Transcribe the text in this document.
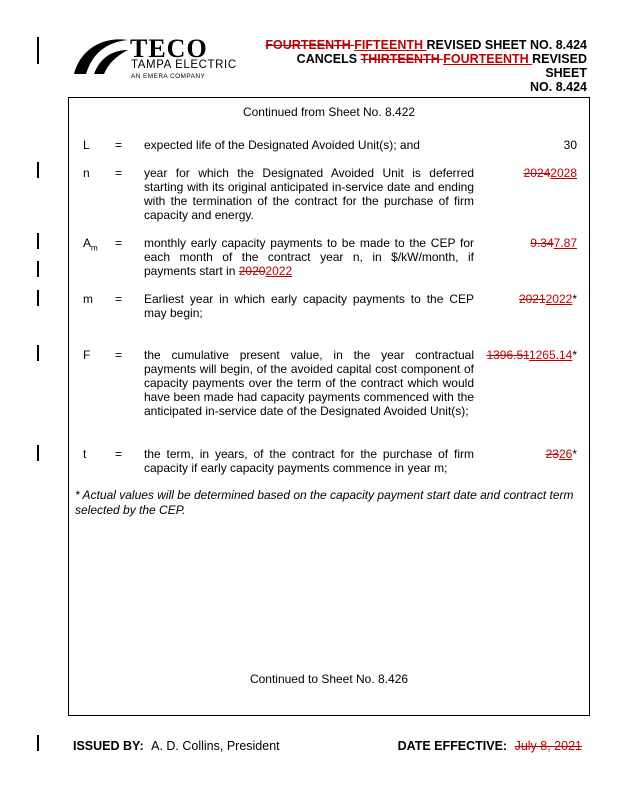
TECO
TAMPA ELECTRIC
AN EMERA COMPANY
FOURTEENTH FIFTEENTH REVISED SHEET NO. 8.424
CANCELS THIRTEENTH FOURTEENTH REVISED SHEET
NO. 8.424
Continued from Sheet No. 8.422
L = expected life of the Designated Avoided Unit(s); and	30
n = year for which the Designated Avoided Unit is deferred starting with its original anticipated in-service date and ending with the termination of the contract for the purchase of firm capacity and energy.
20242028
$A_m$ = monthly early capacity payments to be made to the CEP for each month of the contract year n, in $/kW/month, if payments start in 20202022
9.347.87
m = Earliest year in which early capacity payments to the CEP may begin;
20212022*
F = the cumulative present value, in the year contractual payments will begin, of the avoided capital cost component of capacity payments over the term of the contract which would have been made had capacity payments commenced with the anticipated in-service date of the Designated Avoided Unit(s);
1396.511265.14*
t = the term, in years, of the contract for the purchase of firm capacity if early capacity payments commence in year m;
2326*
* Actual values will be determined based on the capacity payment start date and contract term selected by the CEP.
Continued to Sheet No. 8.426
ISSUED BY: A. D. Collins, President	DATE EFFECTIVE: July 8, 2021
